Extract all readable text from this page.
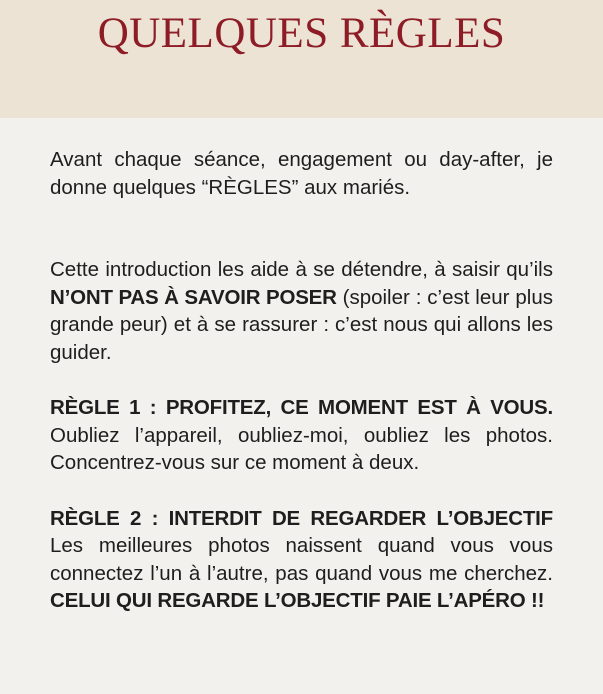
QUELQUES RÈGLES

Avant chaque séance, engagement ou day-after, je donne quelques “RÈGLES” aux mariés.

Cette introduction les aide à se détendre, à saisir qu’ils N’ONT PAS À SAVOIR POSER (spoiler : c’est leur plus grande peur) et à se rassurer : c’est nous qui allons les guider.

RÈGLE 1 : PROFITEZ, CE MOMENT EST À VOUS. Oubliez l’appareil, oubliez-moi, oubliez les photos. Concentrez-vous sur ce moment à deux.

RÈGLE 2 : INTERDIT DE REGARDER L’OBJECTIF Les meilleures photos naissent quand vous vous connectez l’un à l’autre, pas quand vous me cherchez. CELUI QUI REGARDE L’OBJECTIF PAIE L’APÉRO !!
